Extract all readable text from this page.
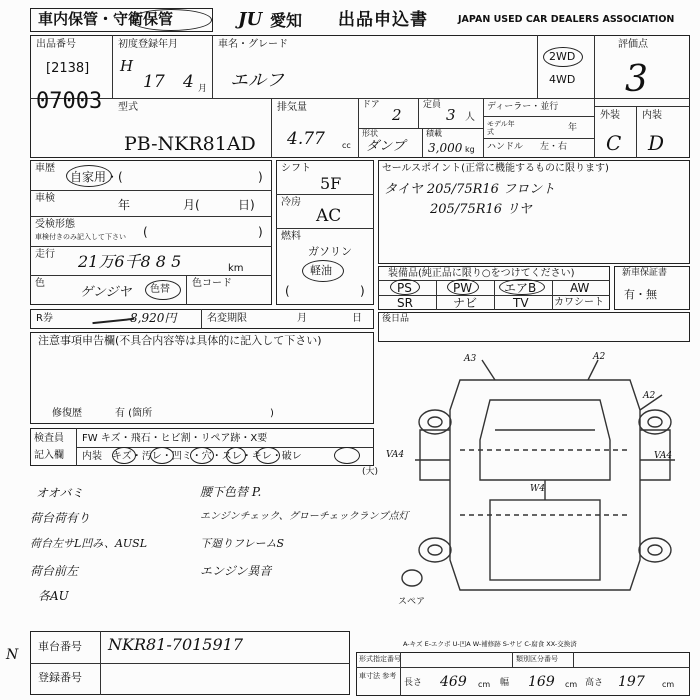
車内保管・守衛保管	JU 愛知 出品申込書	JAPAN USED CAR DEALERS ASSOCIATION
出品番号
[2138]
07003
初度登録年月
H
17 4 月
車名・グレード
エルフ
2WD
4WD
評価点
3
型式
PB-NKR81AD
排気量
4.77 cc
ドア
2
定員
3 人
形状
ダンプ
積載
3,000 kg
ディーラー・並行
モデル年式	年
ハンドル 左・右
外装 内装
C D
車歴
自家用・(	)
車検	年	月(	日)
受検形態
車検付きのみ記入して下さい (	)
走行 21万6千8 8 5	km
色
ゲンジヤ 色替
色コード
シフト
5F
冷房
AC
燃料
ガソリン
軽油
(	)
セールスポイント(正常に機能するものに限ります)
タイヤ 205/75R16 フロント
205/75R16 リヤ
装備品(純正品に限り○をつけてください)
PS	PW	エアB	AW
SR	ナビ	TV	カワシート
新車保証書
有・無
R券	8,920円	名変期限	月	日 後日品
注意事項申告欄(不具合内容等は具体的に記入して下さい)
修復歴	有 (箇所	)
検査員
記入欄
FW キズ・飛石・ヒビ割・リペア跡・X要
内装 キズ・汚レ・凹ミ・穴・スレ・キレ・破レ
(大)
オオバミ
荷台荷有り
荷台左サL凹み、AUSL
荷台前左
各AU
腰下色替 P.
エンジンチェック、グローチェックランプ点灯
下廻りフレームS
エンジン異音
A3	A2
A2
VA4	VA4
W4
スペア
A-キズ E-エクボ U-凹A W-補修跡 S-サビ C-腐食 XX-交換済
車台番号 NKR81-7015917
登録番号
N	形式指定番号	類別区分番号
車寸法 参考
長さ 469 cm 幅 169 cm 高さ 197 cm
